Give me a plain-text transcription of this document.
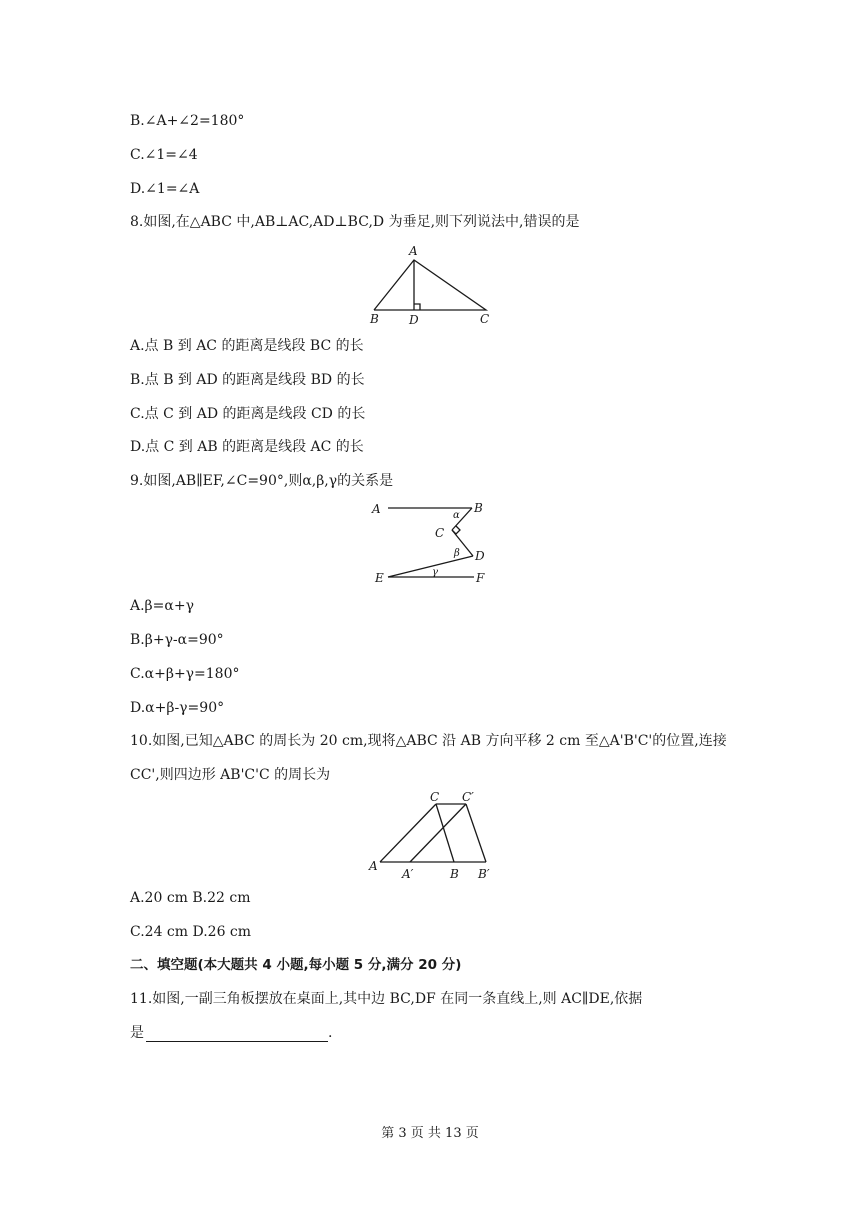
B.∠A+∠2=180°
C.∠1=∠4
D.∠1=∠A
8.如图,在△ABC 中,AB⊥AC,AD⊥BC,D 为垂足,则下列说法中,错误的是
A
B	D	C
A.点 B 到 AC 的距离是线段 BC 的长
B.点 B 到 AD 的距离是线段 BD 的长
C.点 C 到 AD 的距离是线段 CD 的长
D.点 C 到 AB 的距离是线段 AC 的长
9.如图,AB∥EF,∠C=90°,则α,β,γ的关系是
A	B
C
D
E	F
α
β
γ
A.β=α+γ
B.β+γ-α=90°
C.α+β+γ=180°
D.α+β-γ=90°
10.如图,已知△ABC 的周长为 20 cm,现将△ABC 沿 AB 方向平移 2 cm 至△A'B'C'的位置,连接
CC',则四边形 AB'C'C 的周长为
A
C C′
A′	B B′
A.20 cm B.22 cm
C.24 cm D.26 cm
二、填空题(本大题共 4 小题,每小题 5 分,满分 20 分)
11.如图,一副三角板摆放在桌面上,其中边 BC,DF 在同一条直线上,则 AC∥DE,依据
是	.
第 3 页 共 13 页
